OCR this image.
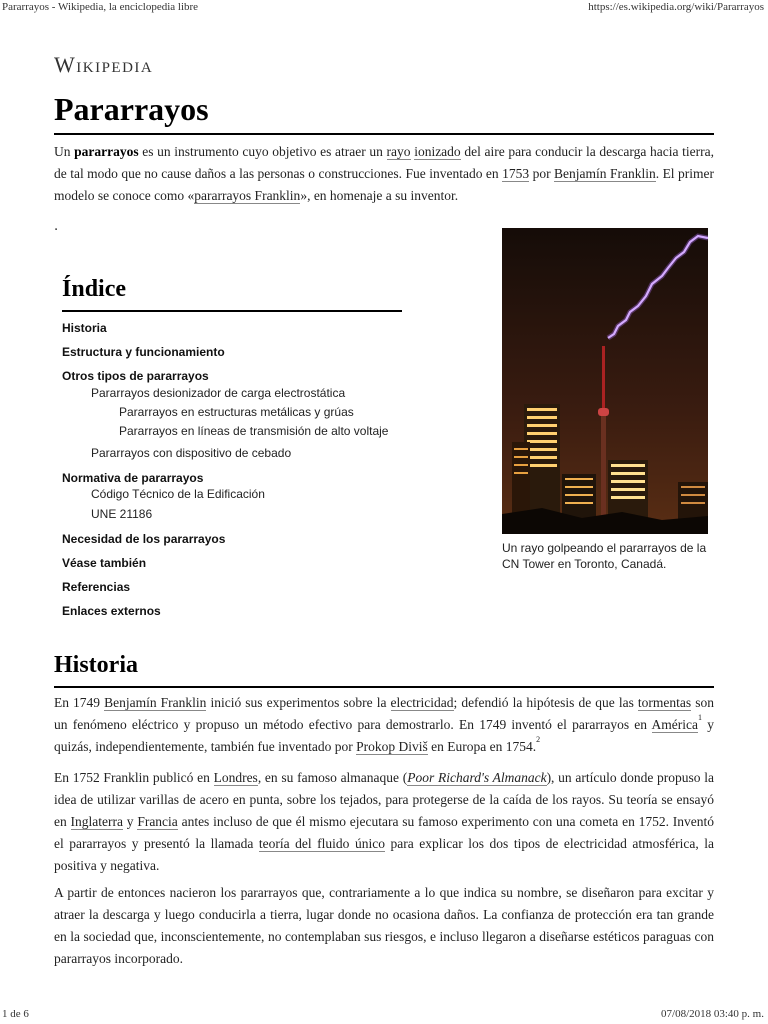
Pararrayos - Wikipedia, la enciclopedia libre	https://es.wikipedia.org/wiki/Pararrayos
Wikipedia
Pararrayos

Un pararrayos es un instrumento cuyo objetivo es atraer un rayo ionizado del aire para conducir la descarga hacia tierra, de tal modo que no cause daños a las personas o construcciones. Fue inventado en 1753 por Benjamín Franklin. El primer modelo se conoce como «pararrayos Franklin», en homenaje a su inventor.

.
Índice
Historia
Estructura y funcionamiento
Otros tipos de pararrayos
Pararrayos desionizador de carga electrostática
Pararrayos en estructuras metálicas y grúas
Pararrayos en líneas de transmisión de alto voltaje
Pararrayos con dispositivo de cebado
Normativa de pararrayos
Código Técnico de la Edificación
UNE 21186
Necesidad de los pararrayos
Véase también
Referencias
Enlaces externos
Un rayo golpeando el pararrayos de la CN Tower en Toronto, Canadá.
Historia

En 1749 Benjamín Franklin inició sus experimentos sobre la electricidad; defendió la hipótesis de que las tormentas son un fenómeno eléctrico y propuso un método efectivo para demostrarlo. En 1749 inventó el pararrayos en América$^1$ y quizás, independientemente, también fue inventado por Prokop Diviš en Europa en 1754.$^2$

En 1752 Franklin publicó en Londres, en su famoso almanaque (Poor Richard's Almanack), un artículo donde propuso la idea de utilizar varillas de acero en punta, sobre los tejados, para protegerse de la caída de los rayos. Su teoría se ensayó en Inglaterra y Francia antes incluso de que él mismo ejecutara su famoso experimento con una cometa en 1752. Inventó el pararrayos y presentó la llamada teoría del fluido único para explicar los dos tipos de electricidad atmosférica, la positiva y negativa.

A partir de entonces nacieron los pararrayos que, contrariamente a lo que indica su nombre, se diseñaron para excitar y atraer la descarga y luego conducirla a tierra, lugar donde no ocasiona daños. La confianza de protección era tan grande en la sociedad que, inconscientemente, no contemplaban sus riesgos, e incluso llegaron a diseñarse estéticos paraguas con pararrayos incorporado.

1 de 6	07/08/2018 03:40 p. m.
